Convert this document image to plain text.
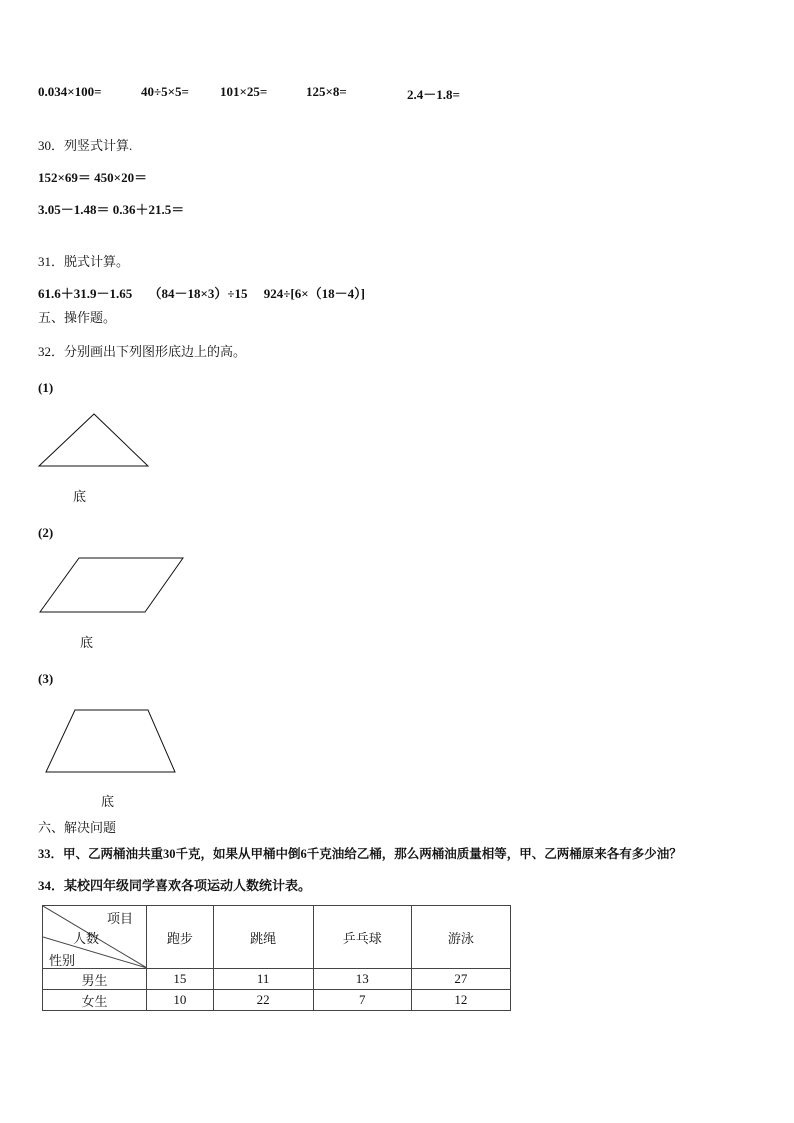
0.034×100=	40÷5×5= 101×25=	125×8=	2.4－1.8=
30．列竖式计算.
152×69＝ 450×20＝
3.05－1.48＝ 0.36＋21.5＝
31．脱式计算。
61.6＋31.9－1.65　 （84－18×3）÷15　 924÷[6×（18－4）]
五、操作题。
32．分别画出下列图形底边上的高。
(1)
底
(2)
底
(3)
底
六、解决问题
33．甲、乙两桶油共重30千克，如果从甲桶中倒6千克油给乙桶，那么两桶油质量相等，甲、乙两桶原来各有多少油？
34．某校四年级同学喜欢各项运动人数统计表。
项目
人数
性别	跑步	跳绳	乒乓球	游泳
男生	15	11	13	27
女生	10	22	7	12
